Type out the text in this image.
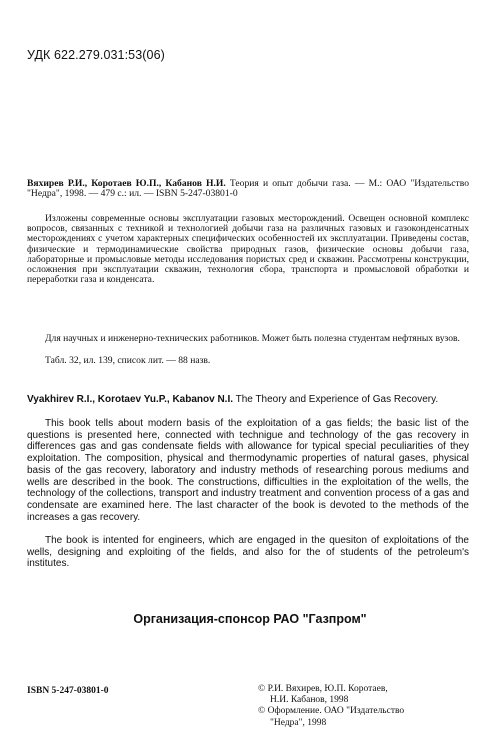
УДК 622.279.031:53(06)
Вяхирев Р.И., Коротаев Ю.П., Кабанов Н.И. Теория и опыт добычи газа. — М.: ОАО "Издательство "Недра", 1998. — 479 с.: ил. — ISBN 5-247-03801-0
Изложены современные основы эксплуатации газовых месторождений. Освещен основной комплекс вопросов, связанных с техникой и технологией добычи газа на различных газовых и газоконденсатных месторождениях с учетом характерных специфических особенностей их эксплуатации. Приведены состав, физические и термодинамические свойства природных газов, физические основы добычи газа, лабораторные и промысловые методы исследования пористых сред и скважин. Рассмотрены конструкции, осложнения при эксплуатации скважин, технология сбора, транспорта и промысловой обработки и переработки газа и конденсата.
Для научных и инженерно-технических работников. Может быть полезна студентам нефтяных вузов.
Табл. 32, ил. 139, список лит. — 88 назв.
Vyakhirev R.I., Korotaev Yu.P., Kabanov N.I. The Theory and Experience of Gas Recovery.
This book tells about modern basis of the exploitation of a gas fields; the basic list of the questions is presented here, connected with technigue and technology of the gas recovery in differences gas and gas condensate fields with allowance for typical special peculiarities of they exploitation. The composition, physical and thermodynamic properties of natural gases, physical basis of the gas recovery, laboratory and industry methods of researching porous mediums and wells are described in the book. The constructions, difficulties in the exploitation of the wells, the technology of the collections, transport and industry treatment and convention process of a gas and condensate are examined here. The last character of the book is devoted to the methods of the increases a gas recovery.
The book is intented for engineers, which are engaged in the quesiton of exploitations of the wells, designing and exploiting of the fields, and also for the of students of the petroleum's institutes.
Организация-спонсор РАО "Газпром"
ISBN 5-247-03801-0	© Р.И. Вяхирев, Ю.П. Коротаев,
Н.И. Кабанов, 1998
© Оформление. ОАО "Издательство
"Недра", 1998
